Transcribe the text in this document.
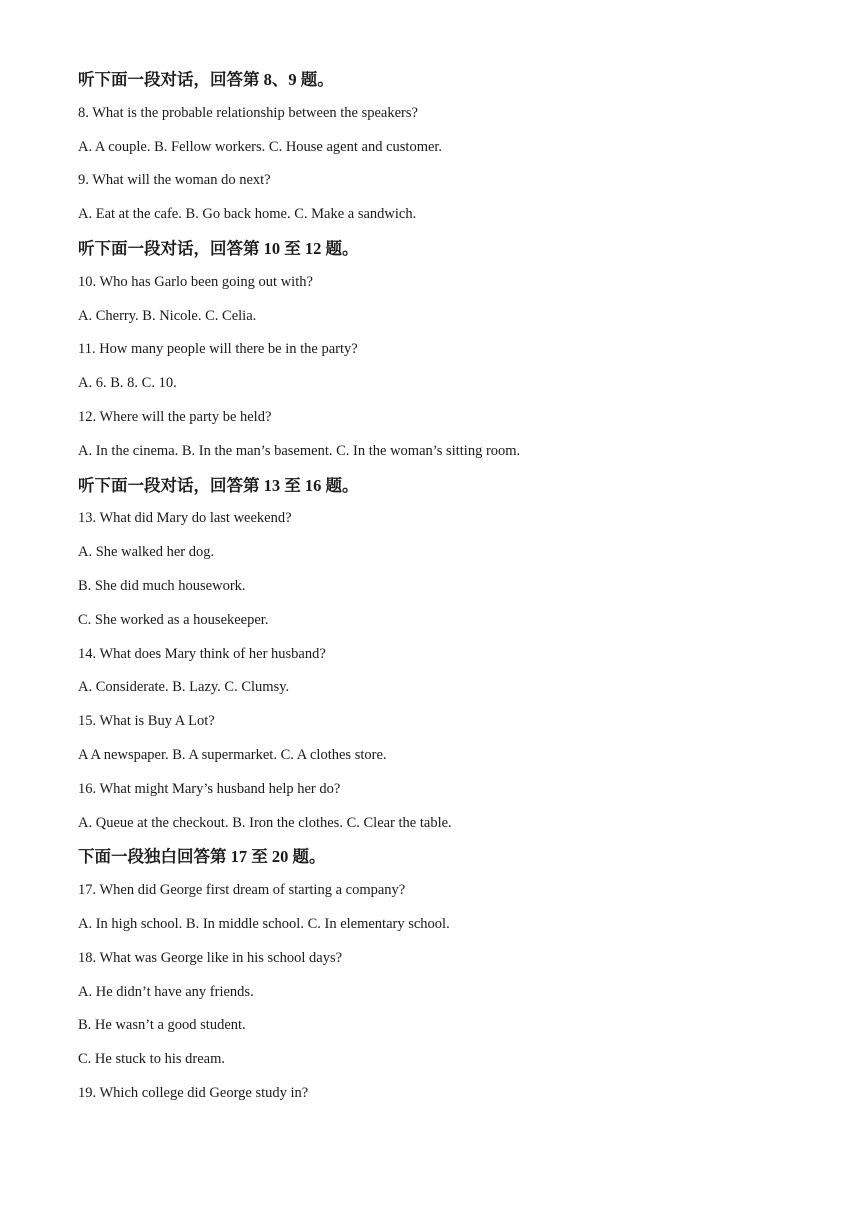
听下面一段对话，回答第 8、9 题。
8. What is the probable relationship between the speakers?
A. A couple. B. Fellow workers. C. House agent and customer.
9. What will the woman do next?
A. Eat at the cafe. B. Go back home. C. Make a sandwich.
听下面一段对话，回答第 10 至 12 题。
10. Who has Garlo been going out with?
A. Cherry. B. Nicole. C. Celia.
11. How many people will there be in the party?
A. 6. B. 8. C. 10.
12. Where will the party be held?
A. In the cinema. B. In the man’s basement. C. In the woman’s sitting room.
听下面一段对话，回答第 13 至 16 题。
13. What did Mary do last weekend?
A. She walked her dog.
B. She did much housework.
C. She worked as a housekeeper.
14. What does Mary think of her husband?
A. Considerate. B. Lazy. C. Clumsy.
15. What is Buy A Lot?
A A newspaper. B. A supermarket. C. A clothes store.
16. What might Mary’s husband help her do?
A. Queue at the checkout. B. Iron the clothes. C. Clear the table.
下面一段独白回答第 17 至 20 题。
17. When did George first dream of starting a company?
A. In high school. B. In middle school. C. In elementary school.
18. What was George like in his school days?
A. He didn’t have any friends.
B. He wasn’t a good student.
C. He stuck to his dream.
19. Which college did George study in?
